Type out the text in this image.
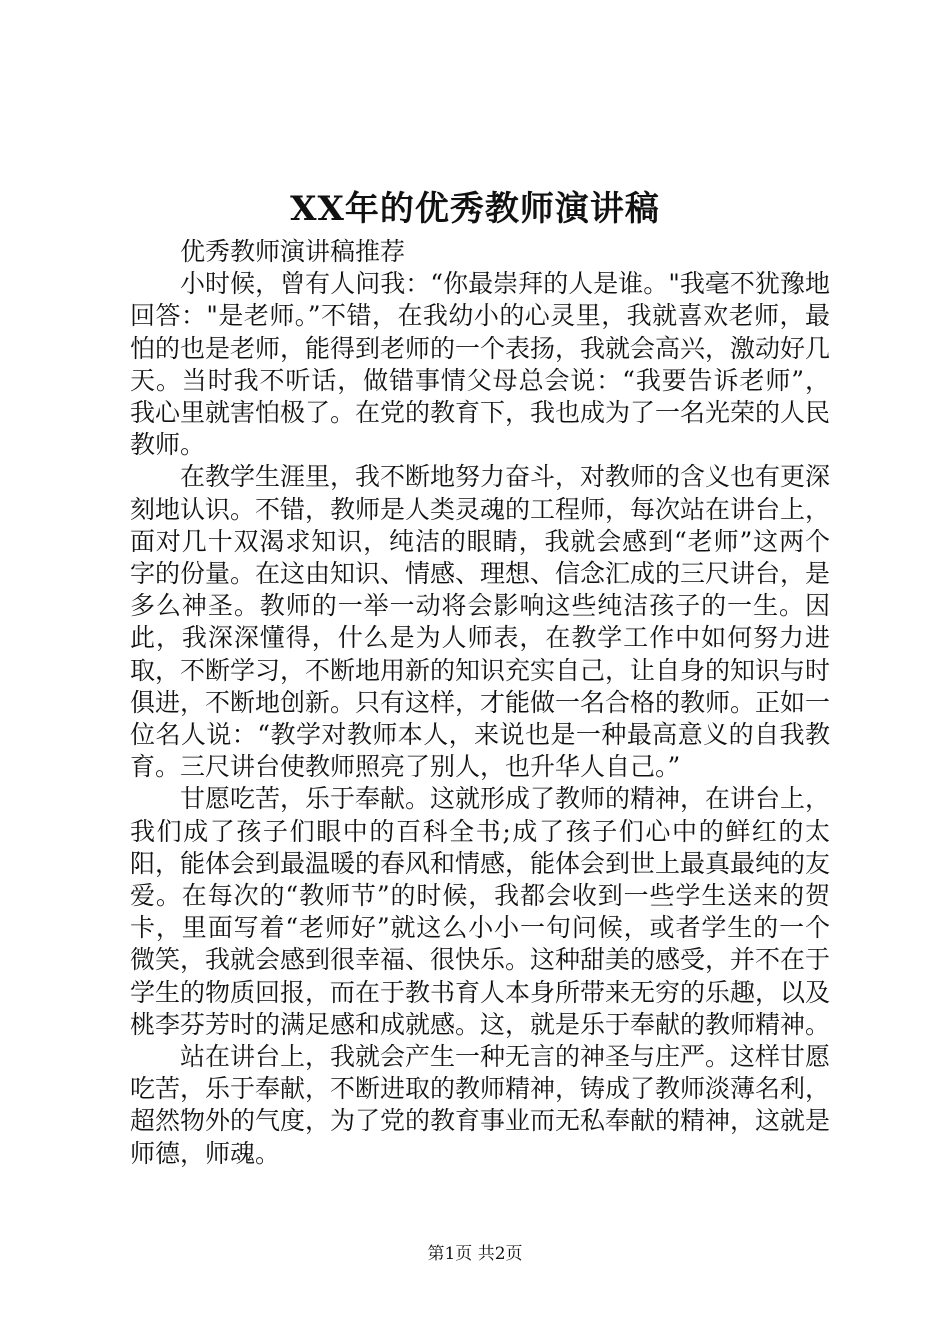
XX年的优秀教师演讲稿

优秀教师演讲稿推荐

小时候，曾有人问我：“你最崇拜的人是谁。"我毫不犹豫地回答："是老师。”不错，在我幼小的心灵里，我就喜欢老师，最怕的也是老师，能得到老师的一个表扬，我就会高兴，激动好几天。当时我不听话，做错事情父母总会说：“我要告诉老师”，我心里就害怕极了。在党的教育下，我也成为了一名光荣的人民教师。

在教学生涯里，我不断地努力奋斗，对教师的含义也有更深刻地认识。不错，教师是人类灵魂的工程师，每次站在讲台上，面对几十双渴求知识，纯洁的眼睛，我就会感到“老师”这两个字的份量。在这由知识、情感、理想、信念汇成的三尺讲台，是多么神圣。教师的一举一动将会影响这些纯洁孩子的一生。因此，我深深懂得，什么是为人师表，在教学工作中如何努力进取，不断学习，不断地用新的知识充实自己，让自身的知识与时俱进，不断地创新。只有这样，才能做一名合格的教师。正如一位名人说：“教学对教师本人，来说也是一种最高意义的自我教育。三尺讲台使教师照亮了别人，也升华人自己。”

甘愿吃苦，乐于奉献。这就形成了教师的精神，在讲台上，我们成了孩子们眼中的百科全书;成了孩子们心中的鲜红的太阳，能体会到最温暖的春风和情感，能体会到世上最真最纯的友爱。在每次的“教师节”的时候，我都会收到一些学生送来的贺卡，里面写着“老师好”就这么小小一句问候，或者学生的一个微笑，我就会感到很幸福、很快乐。这种甜美的感受，并不在于学生的物质回报，而在于教书育人本身所带来无穷的乐趣，以及桃李芬芳时的满足感和成就感。这，就是乐于奉献的教师精神。

站在讲台上，我就会产生一种无言的神圣与庄严。这样甘愿吃苦，乐于奉献，不断进取的教师精神，铸成了教师淡薄名利，超然物外的气度，为了党的教育事业而无私奉献的精神，这就是师德，师魂。

第1页 共2页
